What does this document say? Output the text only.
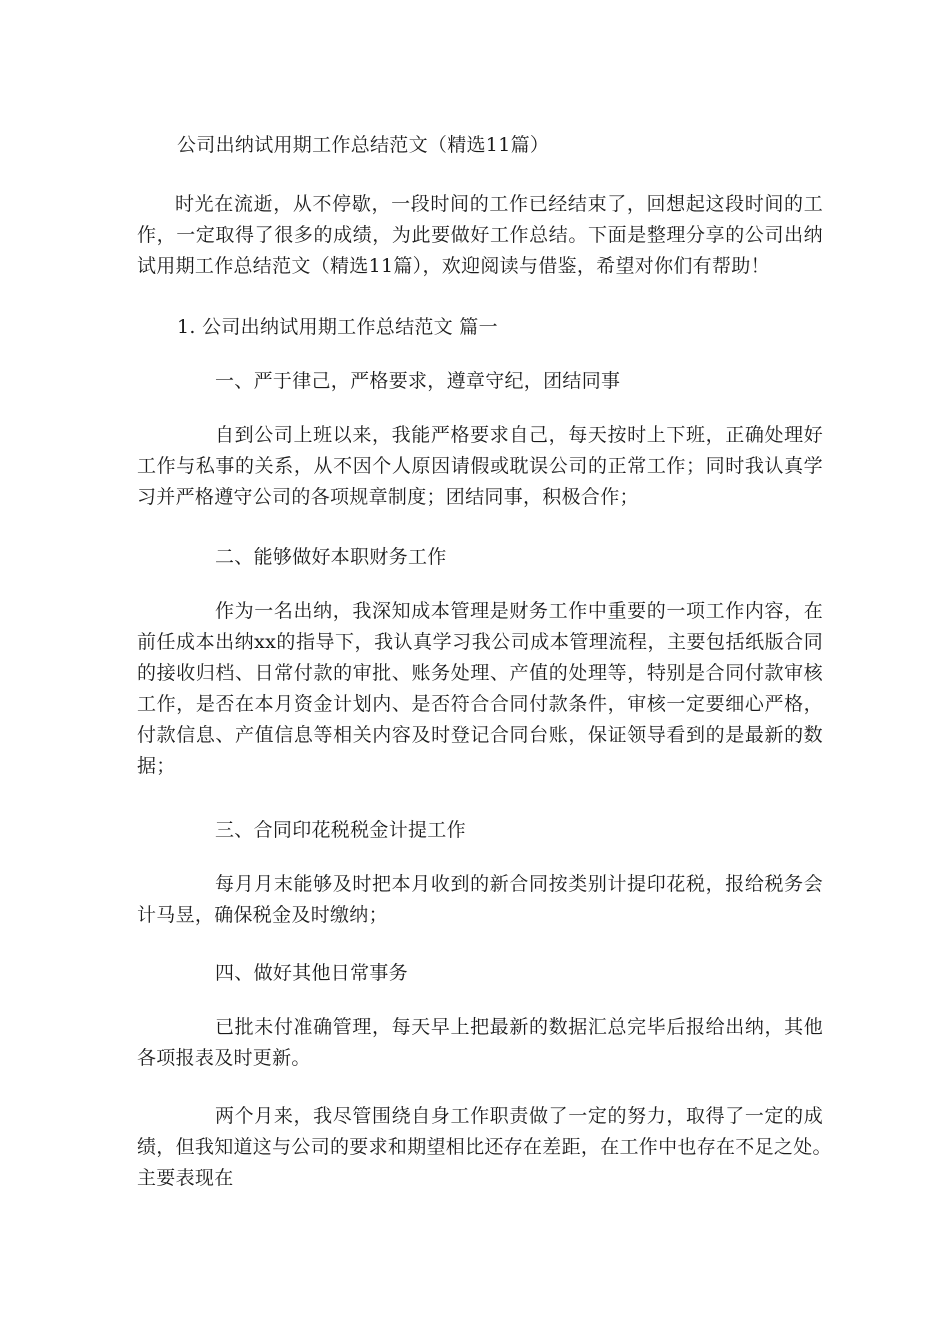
公司出纳试用期工作总结范文（精选11篇）

时光在流逝，从不停歇，一段时间的工作已经结束了，回想起这段时间的工

作，一定取得了很多的成绩，为此要做好工作总结。下面是整理分享的公司出纳

试用期工作总结范文（精选11篇），欢迎阅读与借鉴，希望对你们有帮助！

1. 公司出纳试用期工作总结范文 篇一

一、严于律己，严格要求，遵章守纪，团结同事

自到公司上班以来，我能严格要求自己，每天按时上下班，正确处理好

工作与私事的关系，从不因个人原因请假或耽误公司的正常工作；同时我认真学

习并严格遵守公司的各项规章制度；团结同事，积极合作；

二、能够做好本职财务工作

作为一名出纳，我深知成本管理是财务工作中重要的一项工作内容，在

前任成本出纳xx的指导下，我认真学习我公司成本管理流程，主要包括纸版合同

的接收归档、日常付款的审批、账务处理、产值的处理等，特别是合同付款审核

工作，是否在本月资金计划内、是否符合合同付款条件，审核一定要细心严格，

付款信息、产值信息等相关内容及时登记合同台账，保证领导看到的是最新的数

据；

三、合同印花税税金计提工作

每月月末能够及时把本月收到的新合同按类别计提印花税，报给税务会

计马昱，确保税金及时缴纳；

四、做好其他日常事务

已批未付准确管理，每天早上把最新的数据汇总完毕后报给出纳，其他

各项报表及时更新。

两个月来，我尽管围绕自身工作职责做了一定的努力，取得了一定的成

绩，但我知道这与公司的要求和期望相比还存在差距，在工作中也存在不足之处。

主要表现在
